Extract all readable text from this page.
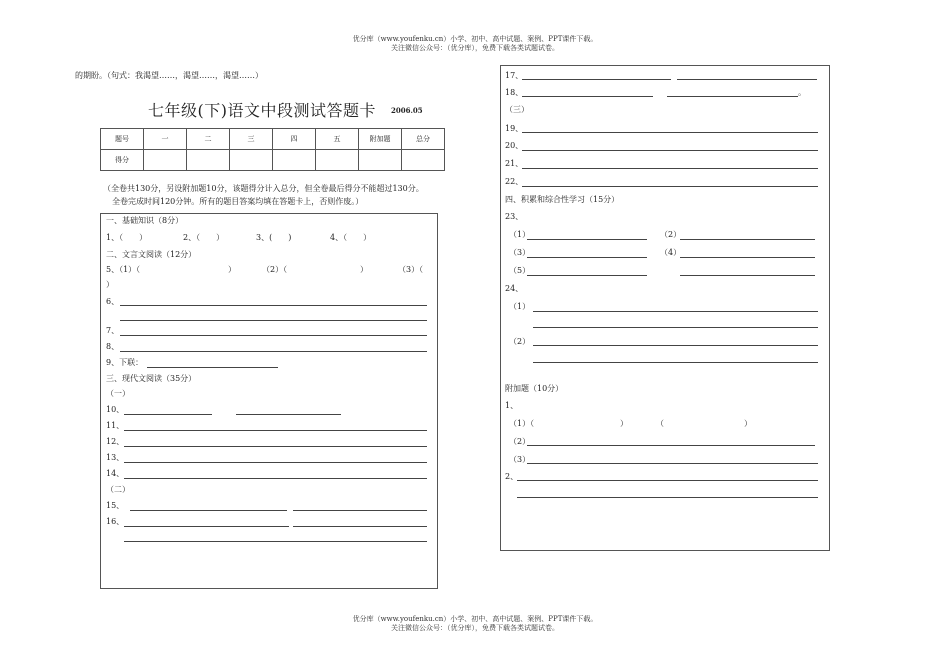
优分库（www.youfenku.cn）小学、初中、高中试题、案例、PPT课件下载。
关注微信公众号：（优分库），免费下载各类试题试卷。
的期盼。（句式：我渴望……，渴望……，渴望……）
七年级(下)语文中段测试答题卡 2006.05
题号	一	二	三	四	五	附加题	总分
得分							
（全卷共130分，另设附加题10分，该题得分计入总分，但全卷最后得分不能超过130分。
全卷完成时间120分钟。所有的题目答案均填在答题卡上，否则作废。）
一、基础知识（8分）
1、（　　）	2、（　　）	3、(　　)	4、（　　）
二、文言文阅读（12分）
5、（1）（	）	（2）（	）	（3）（
）
6、
7、
8、
9、下联：
三、现代文阅读（35分）
（一）
10、
11、
12、
13、
14、
（二）
15、
16、
17、
18、	。
（三）
19、
20、
21、
22、
四、积累和综合性学习（15分）
23、
（1）	（2）
（3）	（4）
（5）
24、
（1）
（2）
附加题（10分）
1、
（1）（	）	（	）
（2）
（3）
2、
优分库（www.youfenku.cn）小学、初中、高中试题、案例、PPT课件下载。
关注微信公众号：（优分库），免费下载各类试题试卷。
